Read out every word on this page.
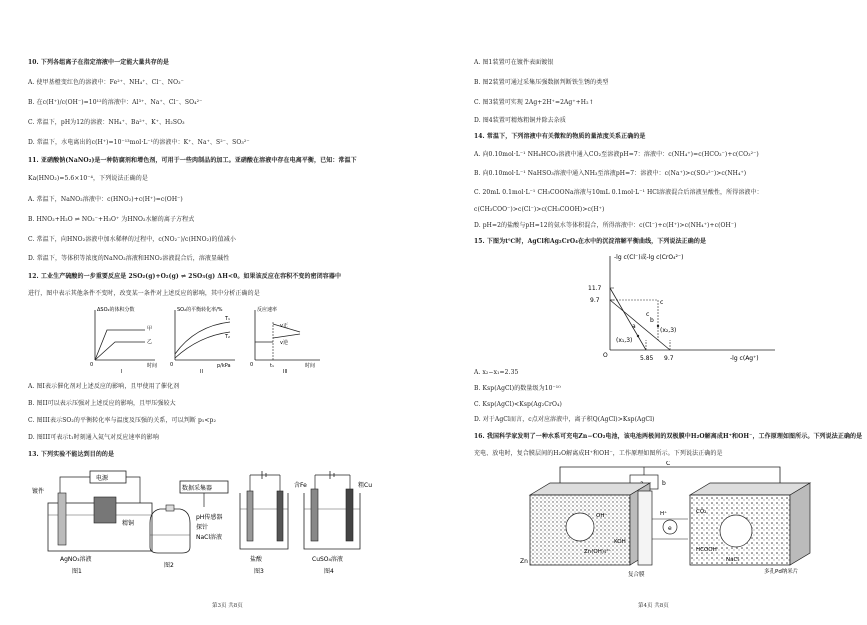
10. 下列各组离子在指定溶液中一定能大量共存的是
A. 使甲基橙变红色的溶液中：Fe²⁺、NH₄⁺、Cl⁻、NO₃⁻
B. 在c(H⁺)/c(OH⁻)=10¹²的溶液中：Al³⁺、Na⁺、Cl⁻、SO₄²⁻
C. 常温下，pH为12的溶液：NH₄⁺、Ba²⁺、K⁺、H₂SO₃
D. 常温下，水电离出的c(H⁺)=10⁻¹³mol·L⁻¹的溶液中：K⁺、Na⁺、S²⁻、SO₃²⁻
11. 亚硝酸钠(NaNO₂)是一种防腐剂和增色剂，可用于一些肉制品的加工。亚硝酸在溶液中存在电离平衡，已知：常温下
Ka(HNO₂)=5.6×10⁻⁴，下列说法正确的是
A. 常温下，NaNO₂溶液中：c(HNO₂)+c(H⁺)=c(OH⁻)
B. HNO₂+H₂O ⇌ NO₂⁻+H₃O⁺ 为HNO₂水解的离子方程式
C. 常温下，向HNO₂溶液中加水稀释的过程中，c(NO₂⁻)/c(HNO₂)的值减小
D. 常温下，等体积等浓度的NaNO₂溶液和HNO₂溶液混合后，溶液显碱性
12. 工业生产硫酸的一步重要反应是 2SO₂(g)+O₂(g) ⇌ 2SO₃(g) ΔH<0。如果该反应在容积不变的密闭容器中
进行，图中表示其他条件不变时，改变某一条件对上述反应的影响，其中分析正确的是
ΔSO₂的体积分数
甲
乙
时间
0
I
SO₂的平衡转化率/%
T₁
T₂
p/kPa
0
II
反应速率
v正
v逆
时间
t₁
0
III
A. 图I表示催化剂对上述反应的影响，且甲使用了催化剂
B. 图II可以表示压强对上述反应的影响，且甲压强较大
C. 图III表示SO₂的平衡转化率与温度及压强的关系，可以判断 p₁<p₂
D. 图III可表示t₁时刻通入氦气对反应速率的影响
13. 下列实验不能达到目的的是
电源
镀件
精铜
AgNO₃溶液
图1
数据采集器
pH传感器
探针
NaCl溶液
图2
盐酸
图3
含Fe	粗Cu
CuSO₄溶液
图4
第3页 共8页
A. 图1装置可在镀件表面镀银
B. 图2装置可通过采集压强数据判断铁生锈的类型
C. 图3装置可实现 2Ag+2H⁺=2Ag⁺+H₂↑
D. 图4装置可精炼粗铜并除去杂质
14. 常温下，下列溶液中有关微粒的物质的量浓度关系正确的是
A. 向0.10mol·L⁻¹ NH₄HCO₃溶液中通入CO₂至溶液pH=7：溶液中：c(NH₄⁺)=c(HCO₃⁻)+c(CO₃²⁻)
B. 向0.10mol·L⁻¹ NaHSO₃溶液中通入NH₃至溶液pH=7：溶液中：c(Na⁺)>c(SO₃²⁻)>c(NH₄⁺)
C. 20mL 0.1mol·L⁻¹ CH₃COONa溶液与10mL 0.1mol·L⁻¹ HCl溶液混合后溶液呈酸性，所得溶液中：
c(CH₃COO⁻)>c(Cl⁻)>c(CH₃COOH)>c(H⁺)
D. pH=2的盐酸与pH=12的氨水等体积混合，所得溶液中：c(Cl⁻)+c(H⁺)>c(NH₄⁺)+c(OH⁻)
15. 下图为t℃时，AgCl和Ag₂CrO₄在水中的沉淀溶解平衡曲线，下列说法正确的是
-lg c(Cl⁻)或-lg c(CrO₄²⁻)
-lg c(Ag⁺)
11.7
9.7
5.85 9.7
c
a
(x₁,3)
b
(x₂,3)
O
c
A. x₂−x₁=2.35
B. Ksp(AgCl)的数量级为10⁻¹⁰
C. Ksp(AgCl)<Ksp(Ag₂CrO₄)
D. 对于AgCl而言，c点对应溶液中，离子积Q(AgCl)>Ksp(AgCl)
16. 我国科学家发明了一种水系可充电Zn−CO₂电池，该电池两极间的双极膜中H₂O解离成H⁺和OH⁻，工作原理如图所示。下列说法正确的是
充电、放电时，复合膜层间的H₂O解离成H⁺和OH⁻，工作原理如图所示。下列说法正确的是
C
b
e
OH⁻	H⁺	CO₂
Zn(OH)₄²⁻	HCOOH
KOH
NaCl
Zn
复合膜	多孔Pd纳米片
第4页 共8页
